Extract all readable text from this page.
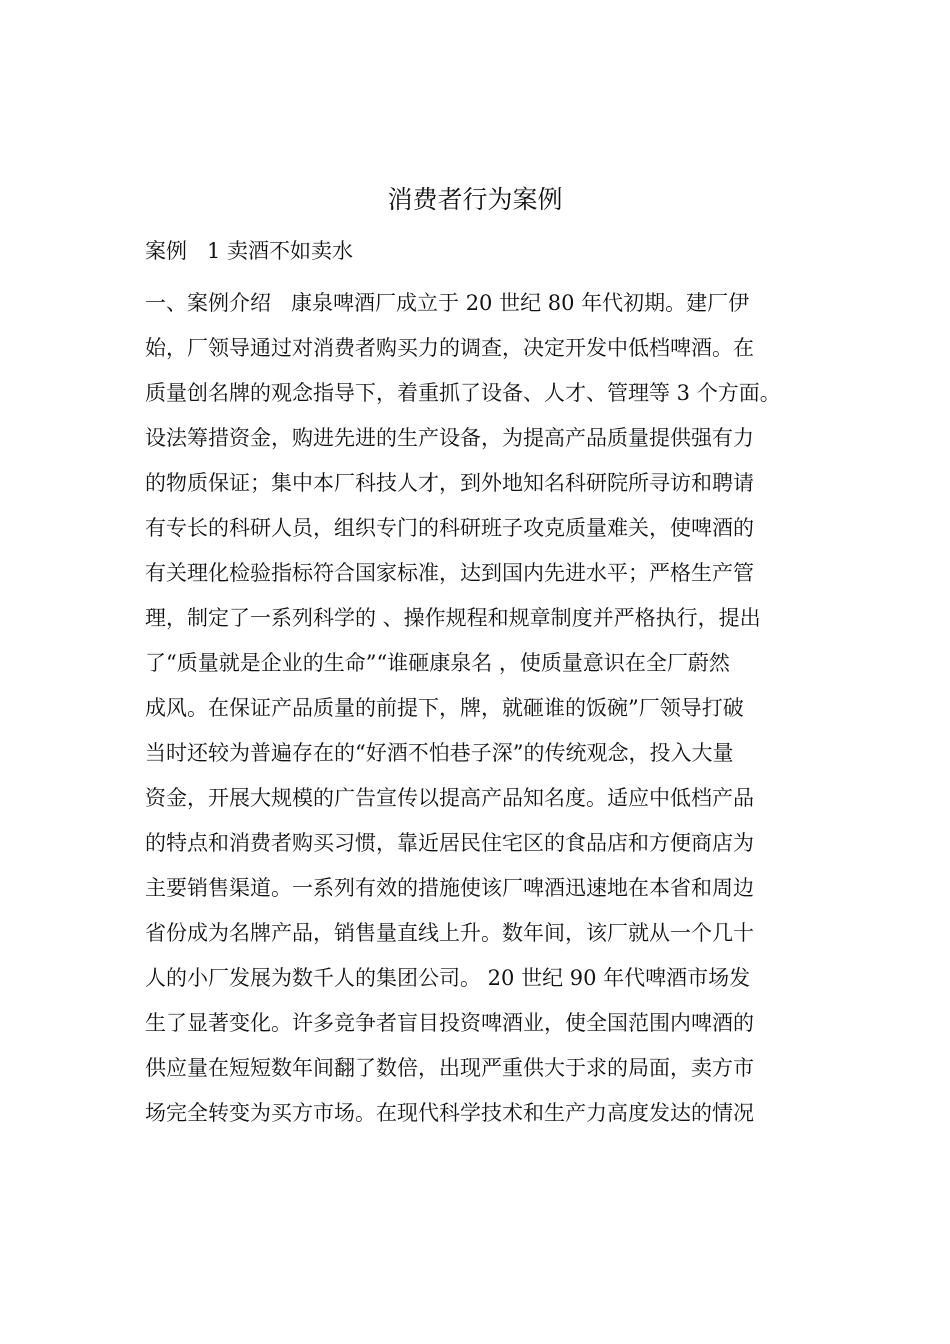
消费者行为案例
案例   1 卖酒不如卖水
一、案例介绍   康泉啤酒厂成立于 20 世纪 80 年代初期。建厂伊
始，厂领导通过对消费者购买力的调查，决定开发中低档啤酒。在
质量创名牌的观念指导下，着重抓了设备、人才、管理等 3 个方面。
设法筹措资金，购进先进的生产设备，为提高产品质量提供强有力
的物质保证；集中本厂科技人才，到外地知名科研院所寻访和聘请
有专长的科研人员，组织专门的科研班子攻克质量难关，使啤酒的
有关理化检验指标符合国家标准，达到国内先进水平；严格生产管
理，制定了一系列科学的 、操作规程和规章制度并严格执行，提出
了“质量就是企业的生命”“谁砸康泉名 ，使质量意识在全厂蔚然
成风。在保证产品质量的前提下，牌，就砸谁的饭碗”厂领导打破
当时还较为普遍存在的“好酒不怕巷子深”的传统观念，投入大量
资金，开展大规模的广告宣传以提高产品知名度。适应中低档产品
的特点和消费者购买习惯，靠近居民住宅区的食品店和方便商店为
主要销售渠道。一系列有效的措施使该厂啤酒迅速地在本省和周边
省份成为名牌产品，销售量直线上升。数年间，该厂就从一个几十
人的小厂发展为数千人的集团公司。 20 世纪 90 年代啤酒市场发
生了显著变化。许多竞争者盲目投资啤酒业，使全国范围内啤酒的
供应量在短短数年间翻了数倍，出现严重供大于求的局面，卖方市
场完全转变为买方市场。在现代科学技术和生产力高度发达的情况
